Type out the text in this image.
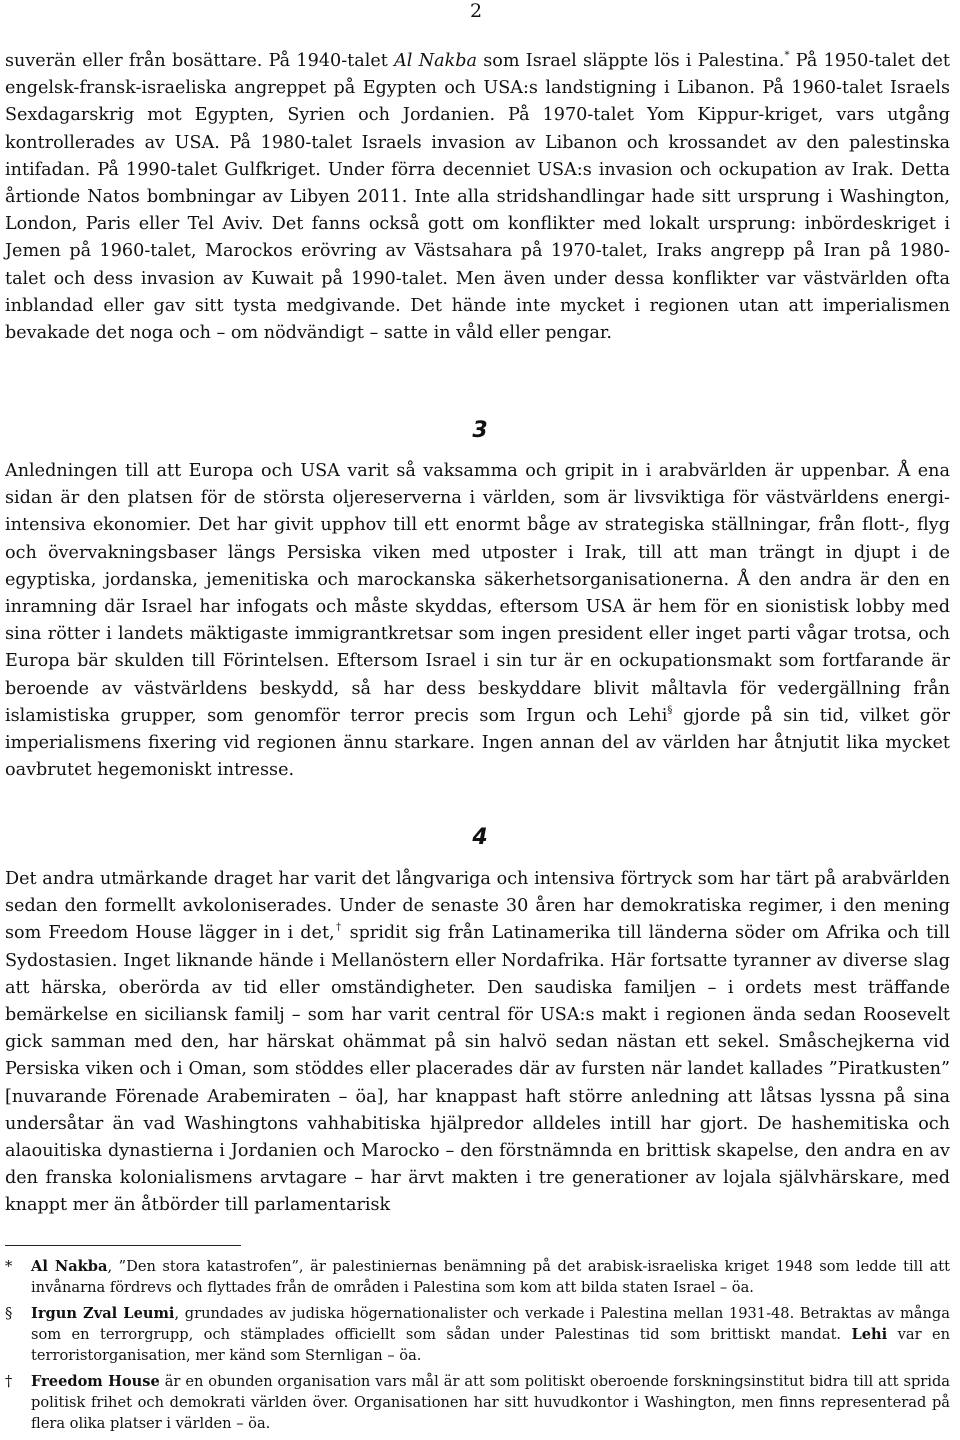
2

suverän eller från bosättare. På 1940-talet Al Nakba som Israel släppte lös i Palestina.* På 1950-talet det engelsk-fransk-israeliska angreppet på Egypten och USA:s landstigning i Libanon. På 1960-talet Israels Sexdagarskrig mot Egypten, Syrien och Jordanien. På 1970-talet Yom Kippur-kriget, vars utgång kontrollerades av USA. På 1980-talet Israels invasion av Libanon och krossandet av den palestinska intifadan. På 1990-talet Gulfkriget. Under förra decenniet USA:s invasion och ockupation av Irak. Detta årtionde Natos bombningar av Libyen 2011. Inte alla stridshandlingar hade sitt ursprung i Washington, London, Paris eller Tel Aviv. Det fanns också gott om konflikter med lokalt ursprung: inbördeskriget i Jemen på 1960-talet, Marockos erövring av Västsahara på 1970-talet, Iraks angrepp på Iran på 1980-talet och dess invasion av Kuwait på 1990-talet. Men även under dessa konflikter var västvärlden ofta inblandad eller gav sitt tysta medgivande. Det hände inte mycket i regionen utan att imperialismen bevakade det noga och – om nödvändigt – satte in våld eller pengar.

3

Anledningen till att Europa och USA varit så vaksamma och gripit in i arabvärlden är uppenbar. Å ena sidan är den platsen för de största oljereserverna i världen, som är livsviktiga för västvärldens energi-intensiva ekonomier. Det har givit upphov till ett enormt båge av strategiska ställningar, från flott-, flyg och övervakningsbaser längs Persiska viken med utposter i Irak, till att man trängt in djupt i de egyptiska, jordanska, jemenitiska och marockanska säkerhetsorganisationerna. Å den andra är den en inramning där Israel har infogats och måste skyddas, eftersom USA är hem för en sionistisk lobby med sina rötter i landets mäktigaste immigrantkretsar som ingen president eller inget parti vågar trotsa, och Europa bär skulden till Förintelsen. Eftersom Israel i sin tur är en ockupationsmakt som fortfarande är beroende av västvärldens beskydd, så har dess beskyddare blivit måltavla för vedergällning från islamistiska grupper, som genomför terror precis som Irgun och Lehi§ gjorde på sin tid, vilket gör imperialismens fixering vid regionen ännu starkare. Ingen annan del av världen har åtnjutit lika mycket oavbrutet hegemoniskt intresse.

4

Det andra utmärkande draget har varit det långvariga och intensiva förtryck som har tärt på arabvärlden sedan den formellt avkoloniserades. Under de senaste 30 åren har demokratiska regimer, i den mening som Freedom House lägger in i det,† spridit sig från Latinamerika till länderna söder om Afrika och till Sydostasien. Inget liknande hände i Mellanöstern eller Nordafrika. Här fortsatte tyranner av diverse slag att härska, oberörda av tid eller omständigheter. Den saudiska familjen – i ordets mest träffande bemärkelse en siciliansk familj – som har varit central för USA:s makt i regionen ända sedan Roosevelt gick samman med den, har härskat ohämmat på sin halvö sedan nästan ett sekel. Småschejkerna vid Persiska viken och i Oman, som stöddes eller placerades där av fursten när landet kallades ”Piratkusten” [nuvarande Förenade Arabemiraten – öa], har knappast haft större anledning att låtsas lyssna på sina undersåtar än vad Washingtons vahhabitiska hjälpredor alldeles intill har gjort. De hashemitiska och alaouitiska dynastierna i Jordanien och Marocko – den förstnämnda en brittisk skapelse, den andra en av den franska kolonialismens arvtagare – har ärvt makten i tre generationer av lojala självhärskare, med knappt mer än åtbörder till parlamentarisk

*	Al Nakba, ”Den stora katastrofen”, är palestiniernas benämning på det arabisk-israeliska kriget 1948 som ledde till att invånarna fördrevs och flyttades från de områden i Palestina som kom att bilda staten Israel – öa.
§	Irgun Zval Leumi, grundades av judiska högernationalister och verkade i Palestina mellan 1931-48. Betraktas av många som en terrorgrupp, och stämplades officiellt som sådan under Palestinas tid som brittiskt mandat. Lehi var en terroristorganisation, mer känd som Sternligan – öa.
†	Freedom House är en obunden organisation vars mål är att som politiskt oberoende forskningsinstitut bidra till att sprida politisk frihet och demokrati världen över. Organisationen har sitt huvudkontor i Washington, men finns representerad på flera olika platser i världen – öa.
